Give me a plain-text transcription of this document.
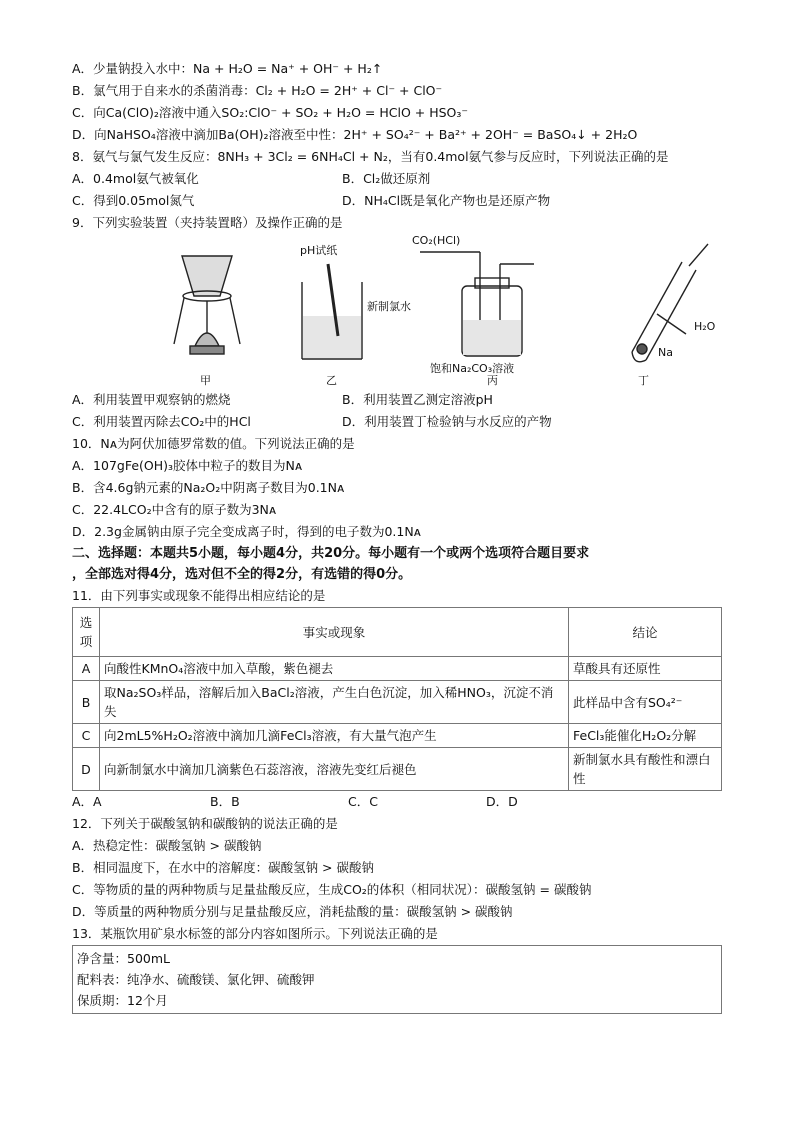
A．少量钠投入水中：Na + H₂O = Na⁺ + OH⁻ + H₂↑
B．氯气用于自来水的杀菌消毒：Cl₂ + H₂O = 2H⁺ + Cl⁻ + ClO⁻
C．向Ca(ClO)₂溶液中通入SO₂:ClO⁻ + SO₂ + H₂O = HClO + HSO₃⁻
D．向NaHSO₄溶液中滴加Ba(OH)₂溶液至中性：2H⁺ + SO₄²⁻ + Ba²⁺ + 2OH⁻ = BaSO₄↓ + 2H₂O
8．氨气与氯气发生反应：8NH₃ + 3Cl₂ = 6NH₄Cl + N₂，当有0.4mol氨气参与反应时，下列说法正确的是
A．0.4mol氨气被氧化	B．Cl₂做还原剂
C．得到0.05mol氮气	D．NH₄Cl既是氧化产物也是还原产物
9．下列实验装置（夹持装置略）及操作正确的是
pH试纸
新制氯水
CO₂(HCl)
饱和Na₂CO₃溶液
H₂O
Na
甲	乙	丙	丁
A．利用装置甲观察钠的燃烧	B．利用装置乙测定溶液pH
C．利用装置丙除去CO₂中的HCl	D．利用装置丁检验钠与水反应的产物
10．Nᴀ为阿伏加德罗常数的值。下列说法正确的是
A．107gFe(OH)₃胶体中粒子的数目为Nᴀ
B．含4.6g钠元素的Na₂O₂中阴离子数目为0.1Nᴀ
C．22.4LCO₂中含有的原子数为3Nᴀ
D．2.3g金属钠由原子完全变成离子时，得到的电子数为0.1Nᴀ
二、选择题：本题共5小题，每小题4分，共20分。每小题有一个或两个选项符合题目要求
，全部选对得4分，选对但不全的得2分，有选错的得0分。
11．由下列事实或现象不能得出相应结论的是
选项	事实或现象	结论
A	向酸性KMnO₄溶液中加入草酸，紫色褪去	草酸具有还原性
B	取Na₂SO₃样品，溶解后加入BaCl₂溶液，产生白色沉淀，加入稀HNO₃，沉淀不消失	此样品中含有SO₄²⁻
C	向2mL5%H₂O₂溶液中滴加几滴FeCl₃溶液，有大量气泡产生	FeCl₃能催化H₂O₂分解
D	向新制氯水中滴加几滴紫色石蕊溶液，溶液先变红后褪色	新制氯水具有酸性和漂白性
A．A	B．B	C．C	D．D
12．下列关于碳酸氢钠和碳酸钠的说法正确的是
A．热稳定性：碳酸氢钠 > 碳酸钠
B．相同温度下，在水中的溶解度：碳酸氢钠 > 碳酸钠
C．等物质的量的两种物质与足量盐酸反应，生成CO₂的体积（相同状况）：碳酸氢钠 = 碳酸钠
D．等质量的两种物质分别与足量盐酸反应，消耗盐酸的量：碳酸氢钠 > 碳酸钠
13．某瓶饮用矿泉水标签的部分内容如图所示。下列说法正确的是
净含量：500mL
配料表：纯净水、硫酸镁、氯化钾、硫酸钾
保质期：12个月
